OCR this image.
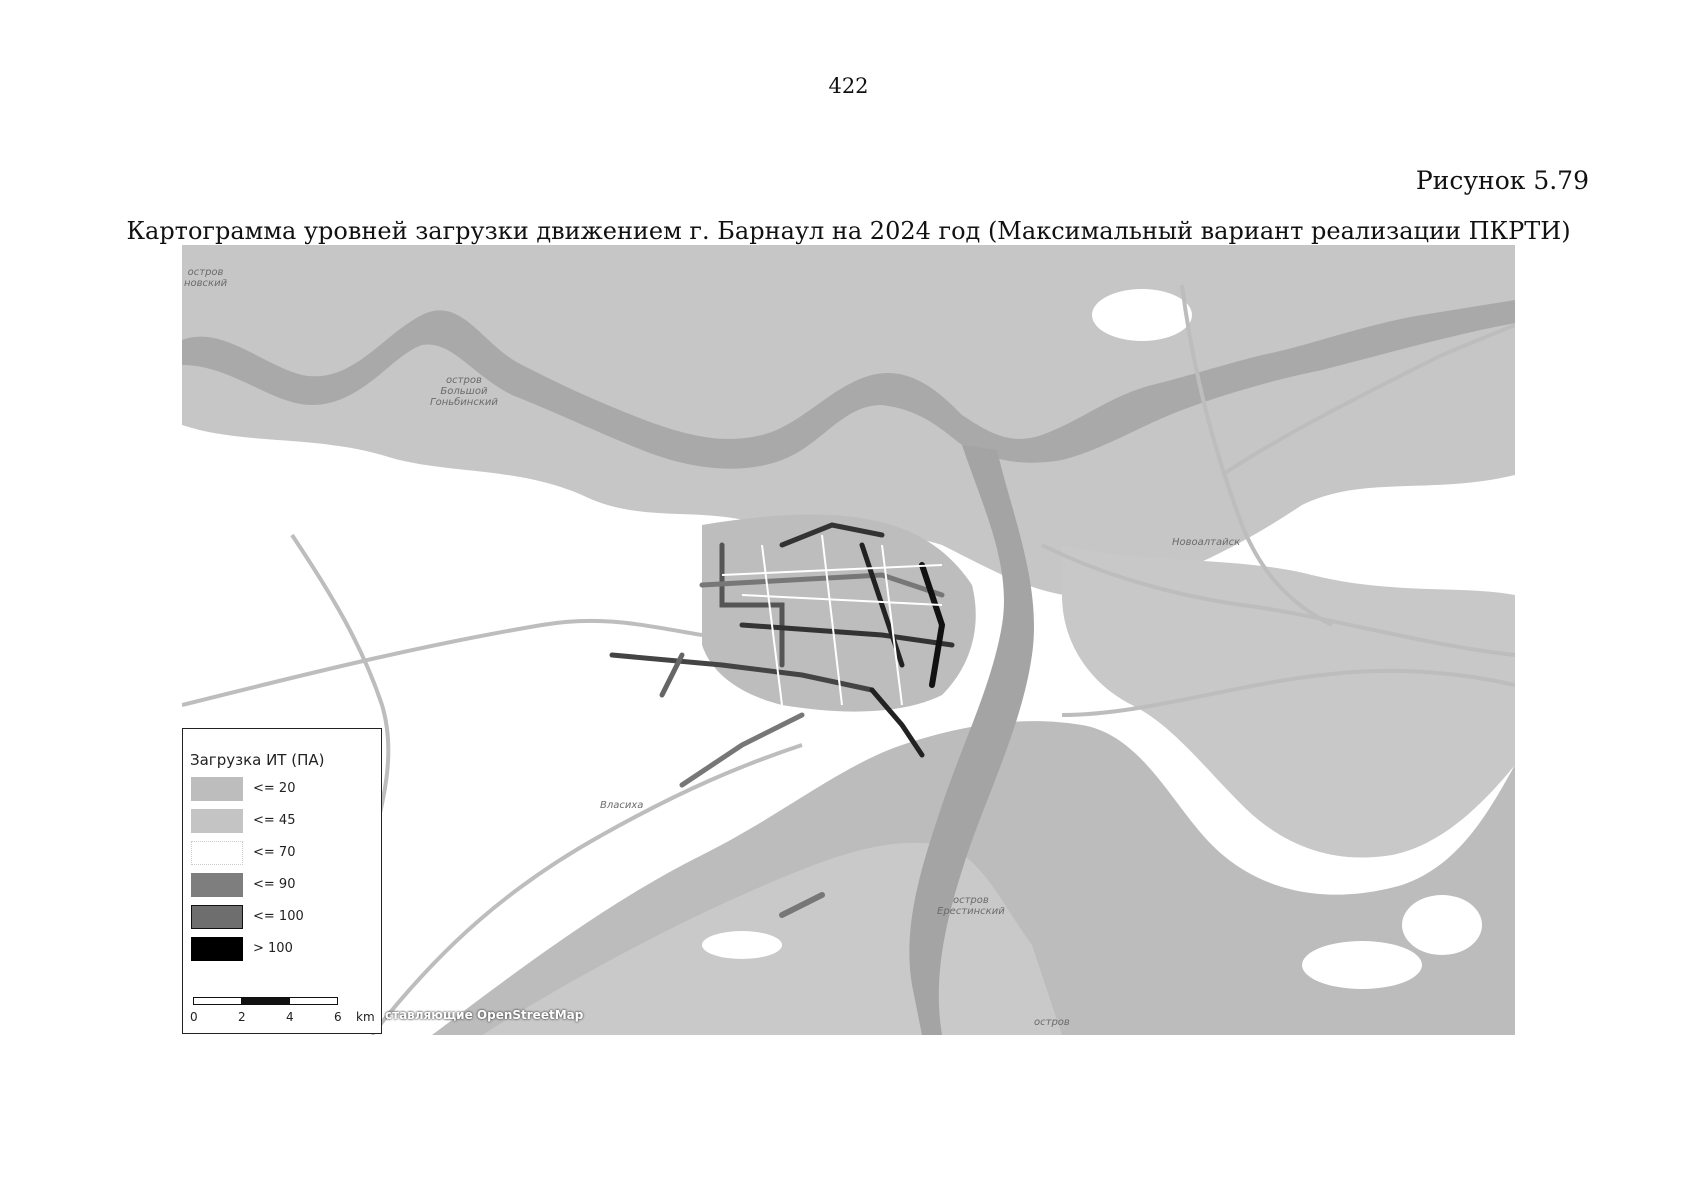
422
Рисунок 5.79
Картограмма уровней загрузки движением г. Барнаул на 2024 год (Максимальный вариант реализации ПКРТИ)
остров
новский
остров
Большой
Гоньбинский
Новоалтайск
остров
Ерестинский
Власиха
остров
ставляющие OpenStreetMap
Загрузка ИТ (ПА)
<= 20
<= 45
<= 70
<= 90
<= 100
> 100
0	2	4	6 km
